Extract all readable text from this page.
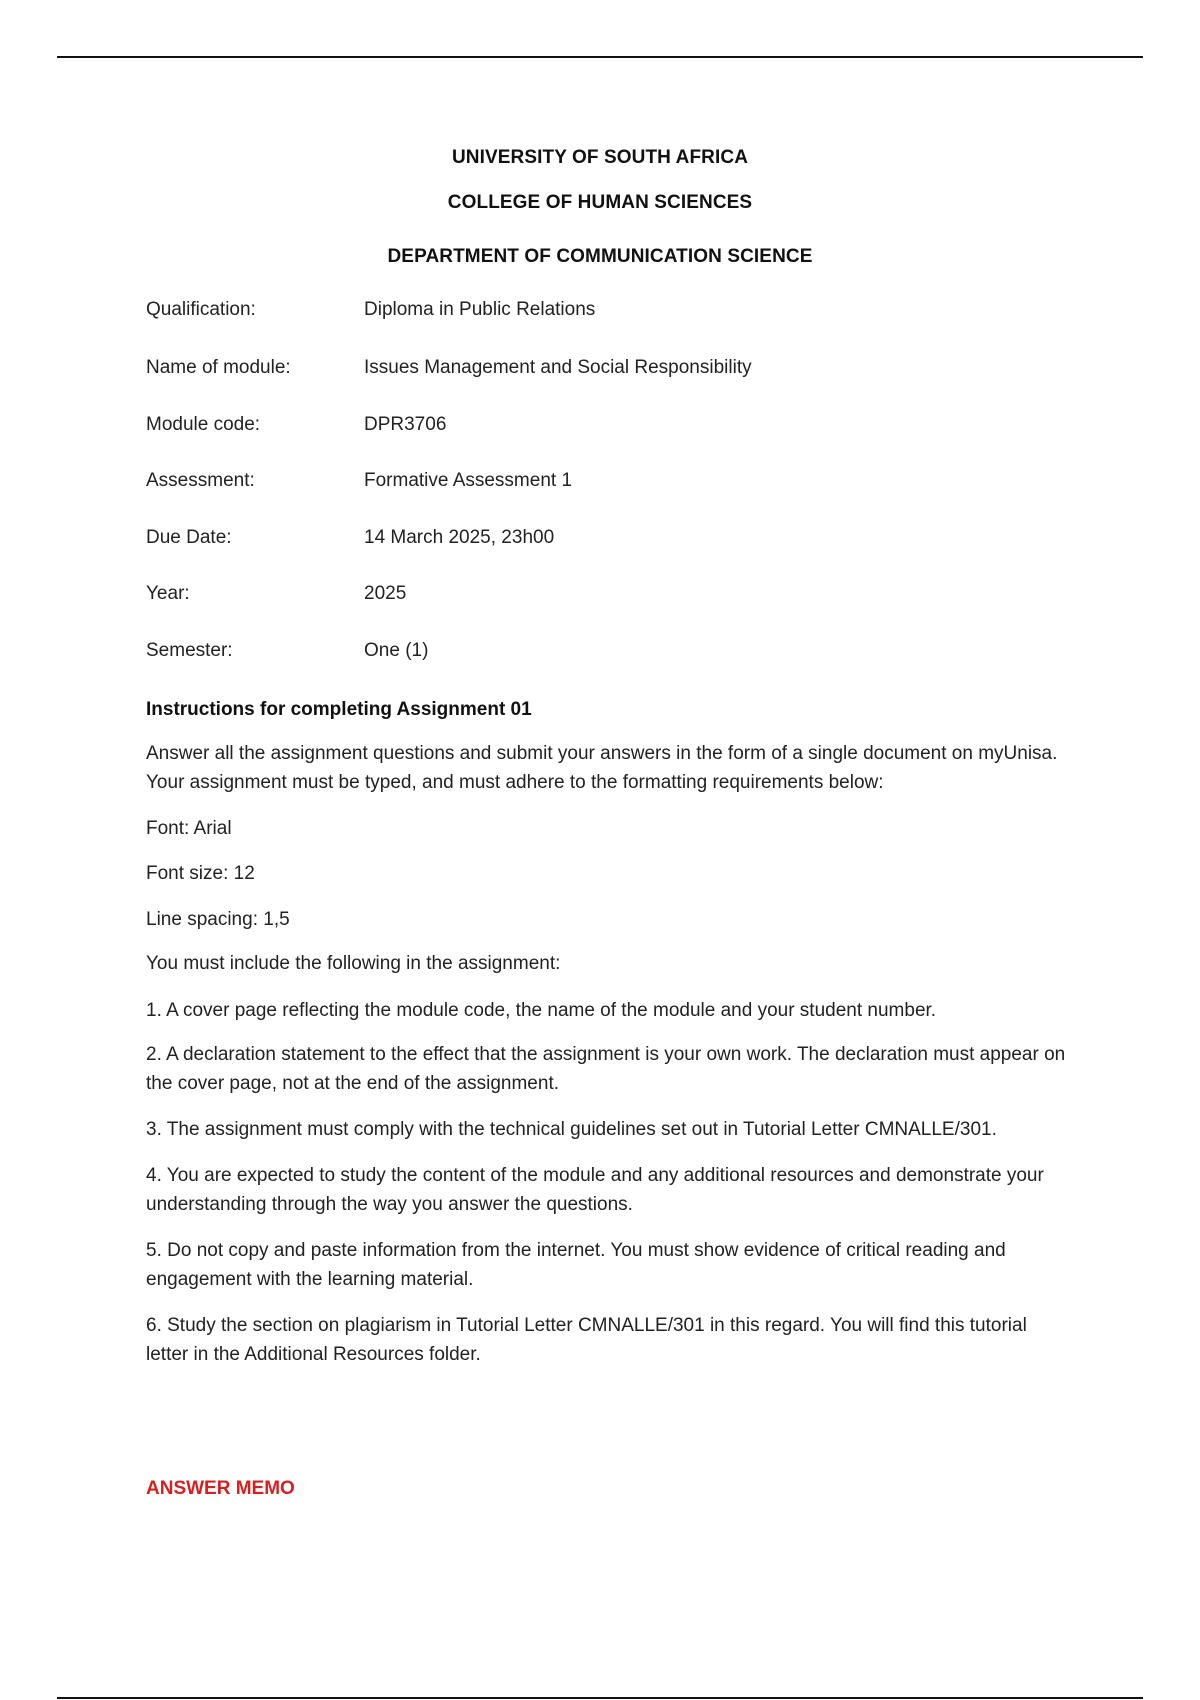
UNIVERSITY OF SOUTH AFRICA
COLLEGE OF HUMAN SCIENCES
DEPARTMENT OF COMMUNICATION SCIENCE
Qualification:	Diploma in Public Relations
Name of module:	Issues Management and Social Responsibility
Module code:	DPR3706
Assessment:	Formative Assessment 1
Due Date:	14 March 2025, 23h00
Year:	2025
Semester:	One (1)
Instructions for completing Assignment 01
Answer all the assignment questions and submit your answers in the form of a single document on myUnisa. Your assignment must be typed, and must adhere to the formatting requirements below:
Font: Arial
Font size: 12
Line spacing: 1,5
You must include the following in the assignment:
1. A cover page reflecting the module code, the name of the module and your student number.
2. A declaration statement to the effect that the assignment is your own work. The declaration must appear on the cover page, not at the end of the assignment.
3. The assignment must comply with the technical guidelines set out in Tutorial Letter CMNALLE/301.
4. You are expected to study the content of the module and any additional resources and demonstrate your understanding through the way you answer the questions.
5. Do not copy and paste information from the internet. You must show evidence of critical reading and engagement with the learning material.
6. Study the section on plagiarism in Tutorial Letter CMNALLE/301 in this regard. You will find this tutorial letter in the Additional Resources folder.
ANSWER MEMO
